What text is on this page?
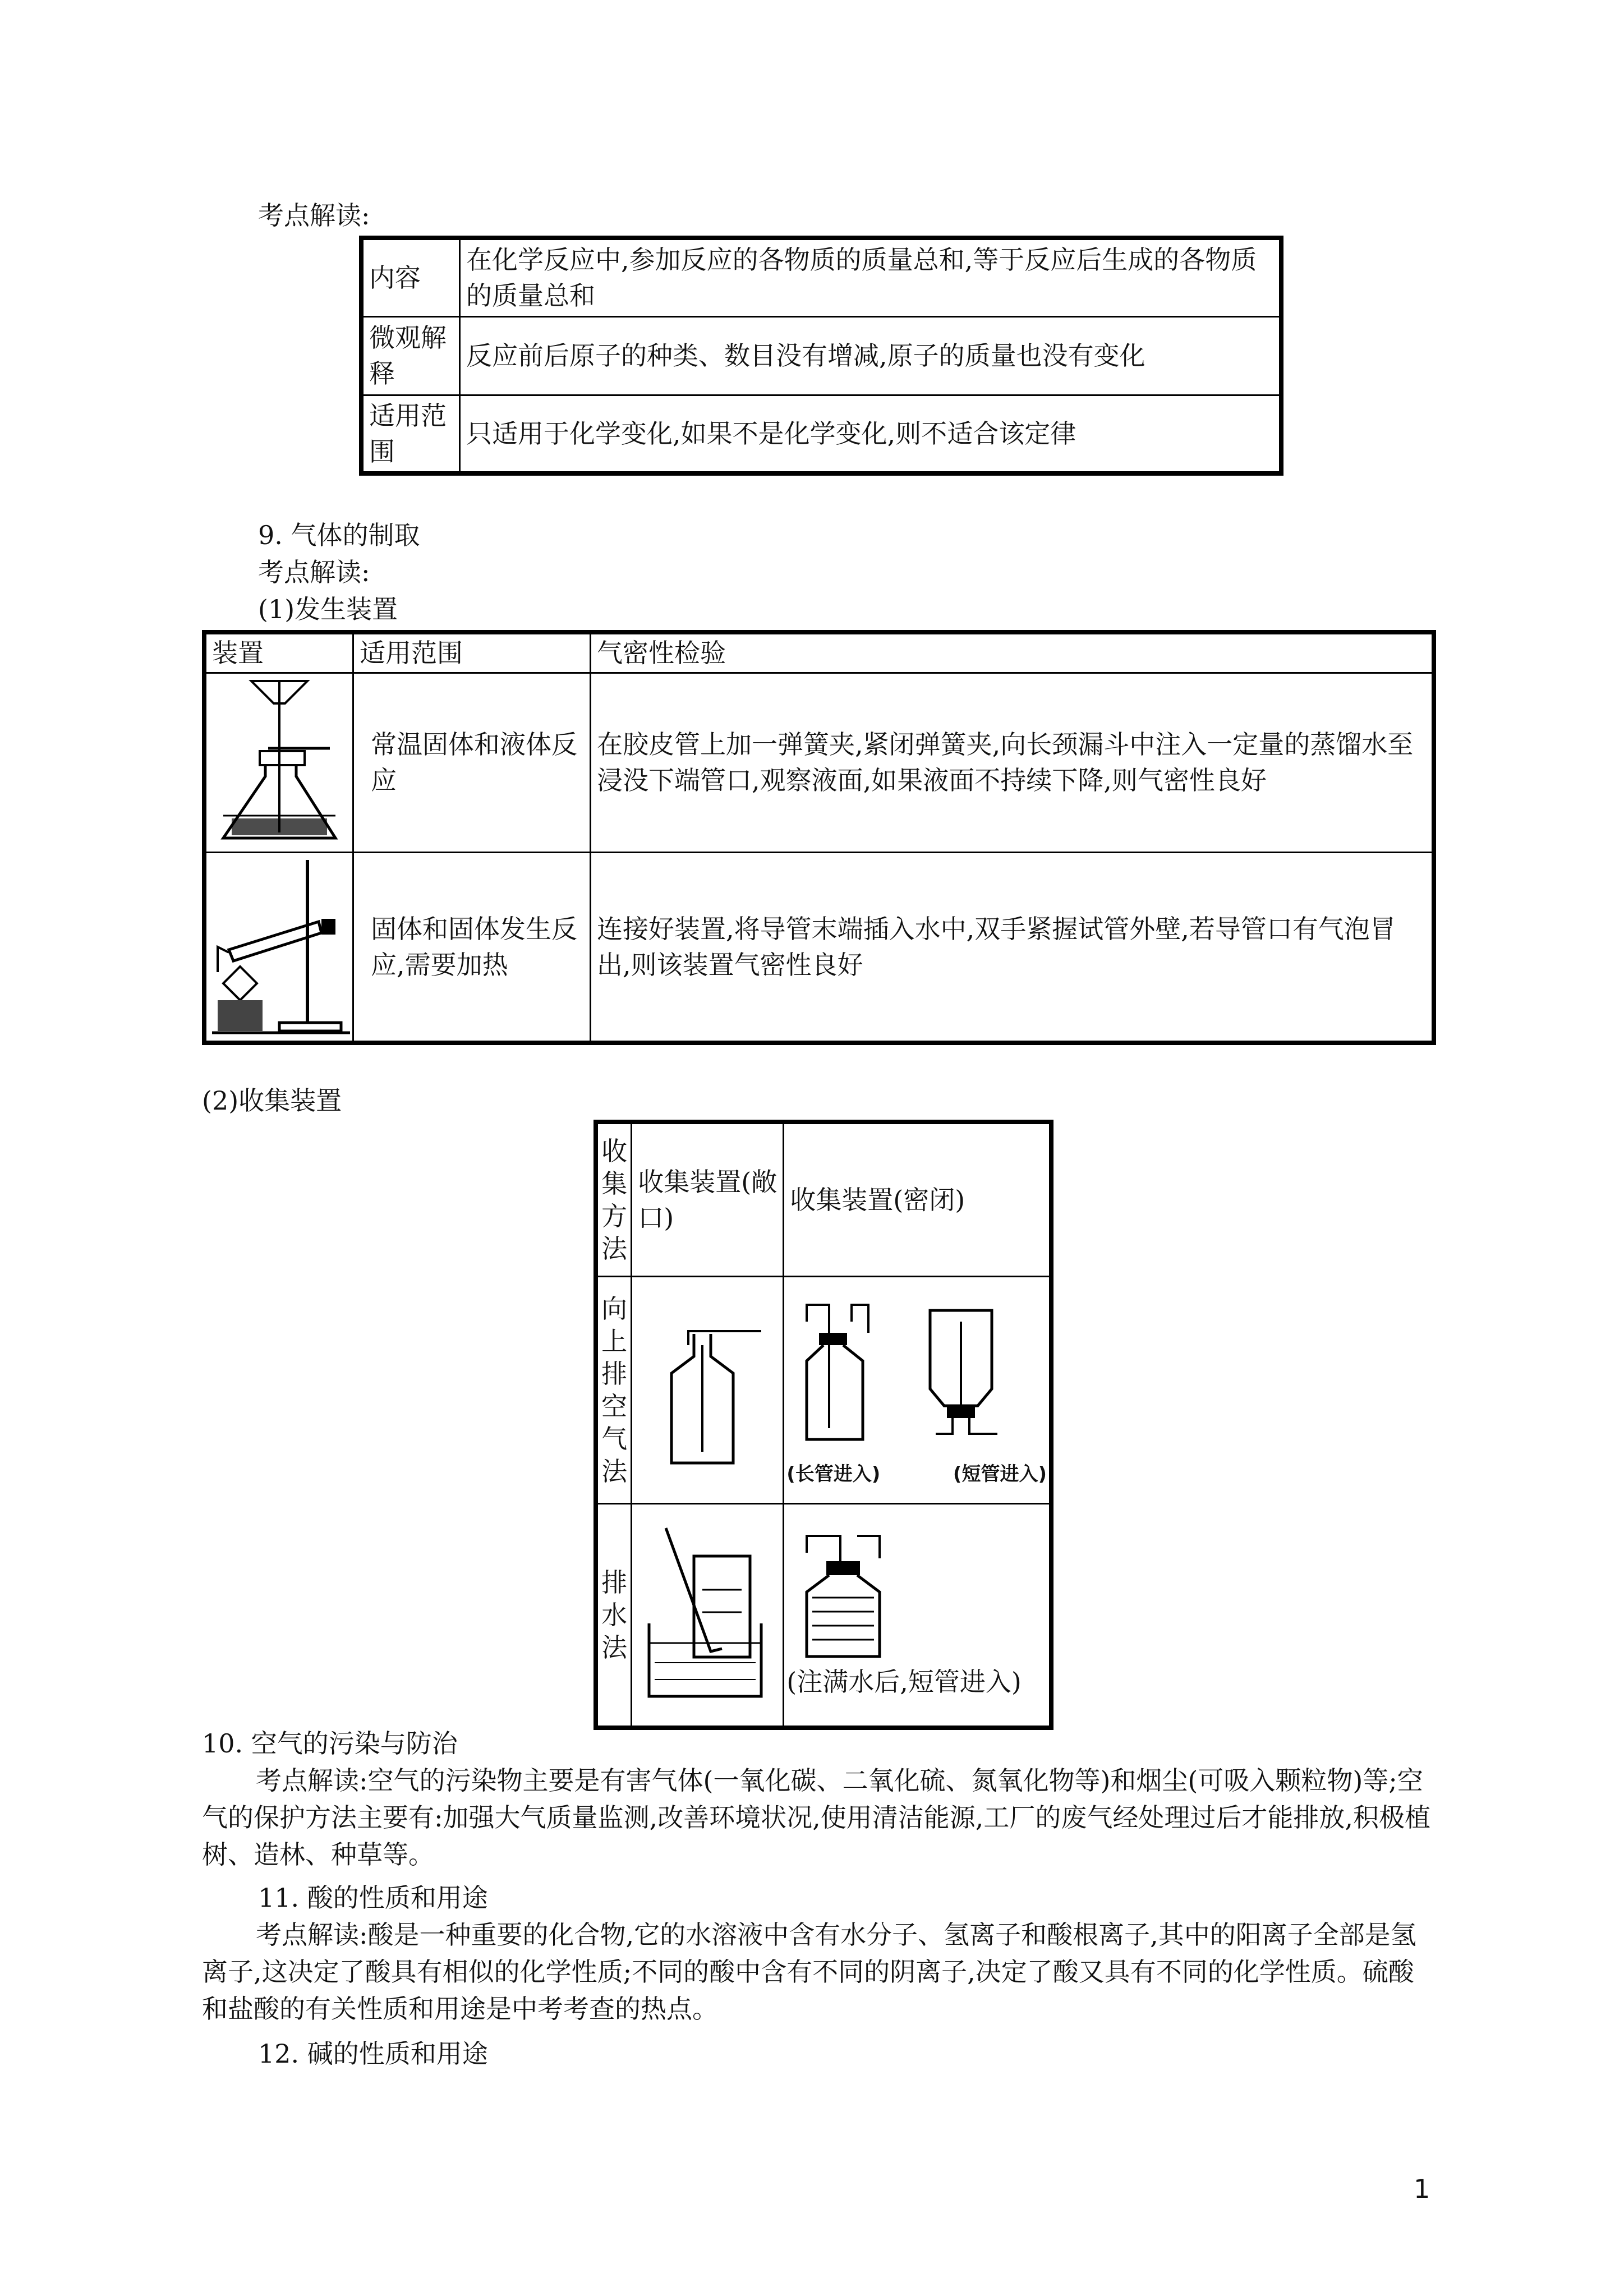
考点解读:
内容	在化学反应中,参加反应的各物质的质量总和,等于反应后生成的各物质的质量总和
微观解释	反应前后原子的种类、数目没有增减,原子的质量也没有变化
适用范围	只适用于化学变化,如果不是化学变化,则不适合该定律
9. 气体的制取
考点解读:
(1)发生装置
装置	适用范围	气密性检验

	常温固体和液体反应	在胶皮管上加一弹簧夹,紧闭弹簧夹,向长颈漏斗中注入一定量的蒸馏水至浸没下端管口,观察液面,如果液面不持续下降,则气密性良好

	固体和固体发生反应,需要加热	连接好装置,将导管末端插入水中,双手紧握试管外壁,若导管口有气泡冒出,则该装置气密性良好
(2)收集装置
收集方法	收集装置(敞口)	收集装置(密闭)
向上排空气法		(长管进入) (短管进入)

排水法		(注满水后,短管进入)
10. 空气的污染与防治
考点解读:空气的污染物主要是有害气体(一氧化碳、二氧化硫、氮氧化物等)和烟尘(可吸入颗粒物)等;空气的保护方法主要有:加强大气质量监测,改善环境状况,使用清洁能源,工厂的废气经处理过后才能排放,积极植树、造林、种草等。
11. 酸的性质和用途
考点解读:酸是一种重要的化合物,它的水溶液中含有水分子、氢离子和酸根离子,其中的阳离子全部是氢离子,这决定了酸具有相似的化学性质;不同的酸中含有不同的阴离子,决定了酸又具有不同的化学性质。硫酸和盐酸的有关性质和用途是中考考查的热点。
12. 碱的性质和用途
1
